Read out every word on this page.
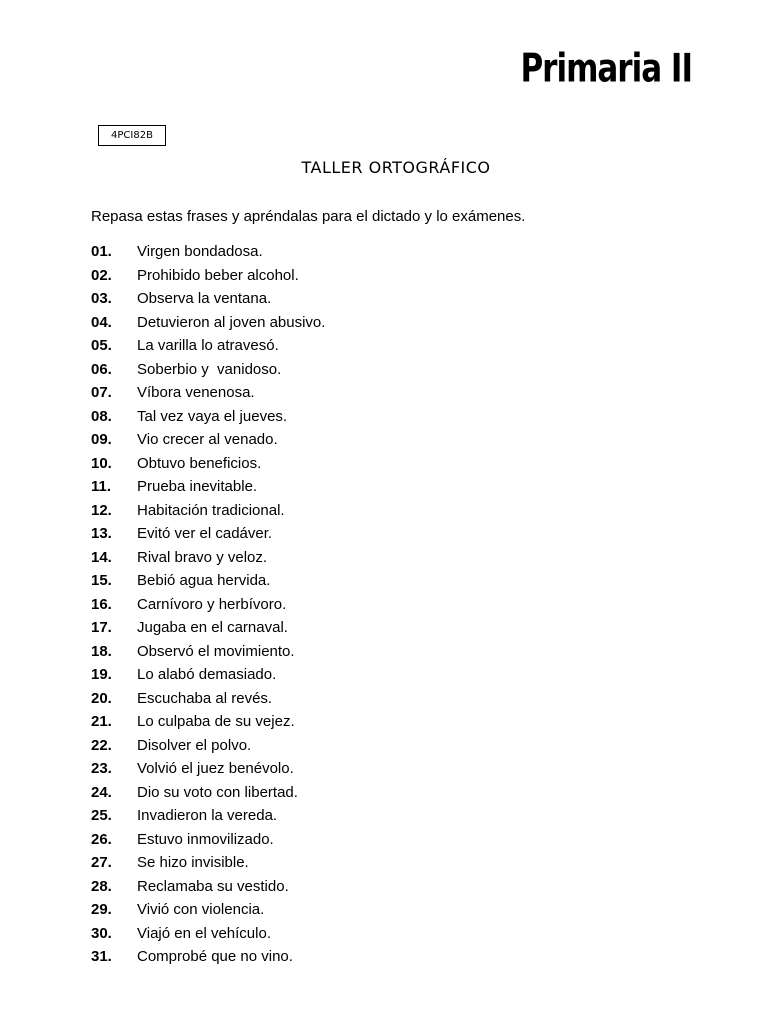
Primaria II
4PCI82B
TALLER ORTOGRÁFICO
Repasa estas frases y apréndalas para el dictado y lo exámenes.
01.	Virgen bondadosa.
02.	Prohibido beber alcohol.
03.	Observa la ventana.
04.	Detuvieron al joven abusivo.
05.	La varilla lo atravesó.
06.	Soberbio y  vanidoso.
07.	Víbora venenosa.
08.	Tal vez vaya el jueves.
09.	Vio crecer al venado.
10.	Obtuvo beneficios.
11.	Prueba inevitable.
12.	Habitación tradicional.
13.	Evitó ver el cadáver.
14.	Rival bravo y veloz.
15.	Bebió agua hervida.
16.	Carnívoro y herbívoro.
17.	Jugaba en el carnaval.
18.	Observó el movimiento.
19.	Lo alabó demasiado.
20.	Escuchaba al revés.
21.	Lo culpaba de su vejez.
22.	Disolver el polvo.
23.	Volvió el juez benévolo.
24.	Dio su voto con libertad.
25.	Invadieron la vereda.
26.	Estuvo inmovilizado.
27.	Se hizo invisible.
28.	Reclamaba su vestido.
29.	Vivió con violencia.
30.	Viajó en el vehículo.
31.	Comprobé que no vino.
